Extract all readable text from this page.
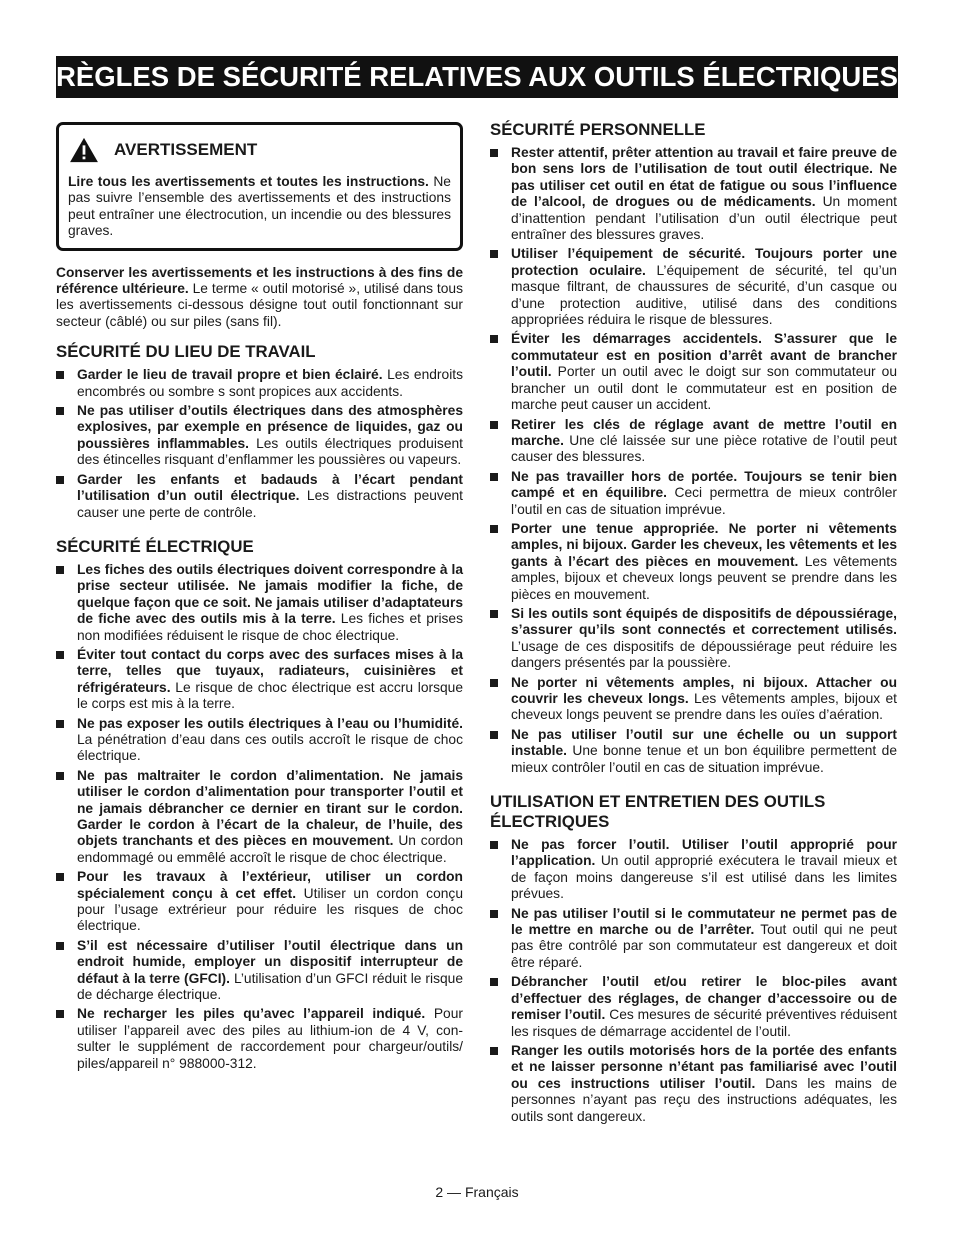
RÈGLES DE SÉCURITÉ RELATIVES AUX OUTILS ÉLECTRIQUES
AVERTISSEMENT
Lire tous les avertissements et toutes les instructions. Ne pas suivre l’ensemble des avertissements et des instructions peut entraîner une électrocution, un incendie ou des blessures graves.

Conserver les avertissements et les instructions à des fins de référence ultérieure. Le terme « outil motorisé », utilisé dans tous les avertissements ci-dessous désigne tout outil fonctionnant sur secteur (câblé) ou sur piles (sans fil).

SÉCURITÉ DU LIEU DE TRAVAIL
Garder le lieu de travail propre et bien éclairé. Les endroits encombrés ou sombre s sont propices aux accidents.
Ne pas utiliser d’outils électriques dans des atmosphères explosives, par exemple en présence de liquides, gaz ou poussières inflammables. Les outils électriques produisent des étincelles risquant d’enflammer les poussières ou vapeurs.
Garder les enfants et badauds à l’écart pendant l’utilisation d’un outil électrique. Les distractions peuvent causer une perte de contrôle.
SÉCURITÉ ÉLECTRIQUE
Les fiches des outils électriques doivent correspondre à la prise secteur utilisée. Ne jamais modifier la fiche, de quelque façon que ce soit. Ne jamais utiliser d’adaptateurs de fiche avec des outils mis à la terre. Les fiches et prises non modifiées réduisent le risque de choc électrique.
Éviter tout contact du corps avec des surfaces mises à la terre, telles que tuyaux, radiateurs, cuisinières et réfrigérateurs. Le risque de choc électrique est accru lorsque le corps est mis à la terre.
Ne pas exposer les outils électriques à l’eau ou l’humidité. La pénétration d’eau dans ces outils accroît le risque de choc électrique.
Ne pas maltraiter le cordon d’alimentation. Ne jamais utiliser le cordon d’alimentation pour transporter l’outil et ne jamais débrancher ce dernier en tirant sur le cordon. Garder le cordon à l’écart de la chaleur, de l’huile, des objets tranchants et des pièces en mouvement. Un cordon endommagé ou emmêlé accroît le risque de choc électrique.
Pour les travaux à l’extérieur, utiliser un cordon spécialement conçu à cet effet. Utiliser un cordon conçu pour l’usage extrérieur pour réduire les risques de choc électrique.
S’il est nécessaire d’utiliser l’outil électrique dans un endroit humide, employer un dispositif interrupteur de défaut à la terre (GFCI). L’utilisation d’un GFCI réduit le risque de décharge électrique.
Ne recharger les piles qu’avec l’appareil indiqué. Pour utiliser l’appareil avec des piles au lithium-ion de 4 V, con-sulter le supplément de raccordement pour chargeur/outils/ piles/appareil n° 988000-312.
SÉCURITÉ PERSONNELLE
Rester attentif, prêter attention au travail et faire preuve de bon sens lors de l’utilisation de tout outil électrique. Ne pas utiliser cet outil en état de fatigue ou sous l’influence de l’alcool, de drogues ou de médicaments. Un moment d’inattention pendant l’utilisation d’un outil électrique peut entraîner des blessures graves.
Utiliser l’équipement de sécurité. Toujours porter une protection oculaire. L’équipement de sécurité, tel qu’un masque filtrant, de chaussures de sécurité, d’un casque ou d’une protection auditive, utilisé dans des conditions appropriées réduira le risque de blessures.
Éviter les démarrages accidentels. S’assurer que le commutateur est en position d’arrêt avant de brancher l’outil. Porter un outil avec le doigt sur son commutateur ou brancher un outil dont le commutateur est en position de marche peut causer un accident.
Retirer les clés de réglage avant de mettre l’outil en marche. Une clé laissée sur une pièce rotative de l’outil peut causer des blessures.
Ne pas travailler hors de portée. Toujours se tenir bien campé et en équilibre. Ceci permettra de mieux contrôler l’outil en cas de situation imprévue.
Porter une tenue appropriée. Ne porter ni vêtements amples, ni bijoux. Garder les cheveux, les vêtements et les gants à l’écart des pièces en mouvement. Les vêtements amples, bijoux et cheveux longs peuvent se prendre dans les pièces en mouvement.
Si les outils sont équipés de dispositifs de dépoussiérage, s’assurer qu’ils sont connectés et correctement utilisés. L’usage de ces dispositifs de dépoussiérage peut réduire les dangers présentés par la poussière.
Ne porter ni vêtements amples, ni bijoux. Attacher ou couvrir les cheveux longs. Les vêtements amples, bijoux et cheveux longs peuvent se prendre dans les ouïes d’aération.
Ne pas utiliser l’outil sur une échelle ou un support instable. Une bonne tenue et un bon équilibre permettent de mieux contrôler l’outil en cas de situation imprévue.
UTILISATION ET ENTRETIEN DES OUTILS ÉLECTRIQUES
Ne pas forcer l’outil. Utiliser l’outil approprié pour l’application. Un outil approprié exécutera le travail mieux et de façon moins dangereuse s’il est utilisé dans les limites prévues.
Ne pas utiliser l’outil si le commutateur ne permet pas de le mettre en marche ou de l’arrêter. Tout outil qui ne peut pas être contrôlé par son commutateur est dangereux et doit être réparé.
Débrancher l’outil et/ou retirer le bloc-piles avant d’effectuer des réglages, de changer d’accessoire ou de remiser l’outil. Ces mesures de sécurité préventives réduisent les risques de démarrage accidentel de l’outil.
Ranger les outils motorisés hors de la portée des enfants et ne laisser personne n’étant pas familiarisé avec l’outil ou ces instructions utiliser l’outil. Dans les mains de personnes n’ayant pas reçu des instructions adéquates, les outils sont dangereux.
2 — Français
